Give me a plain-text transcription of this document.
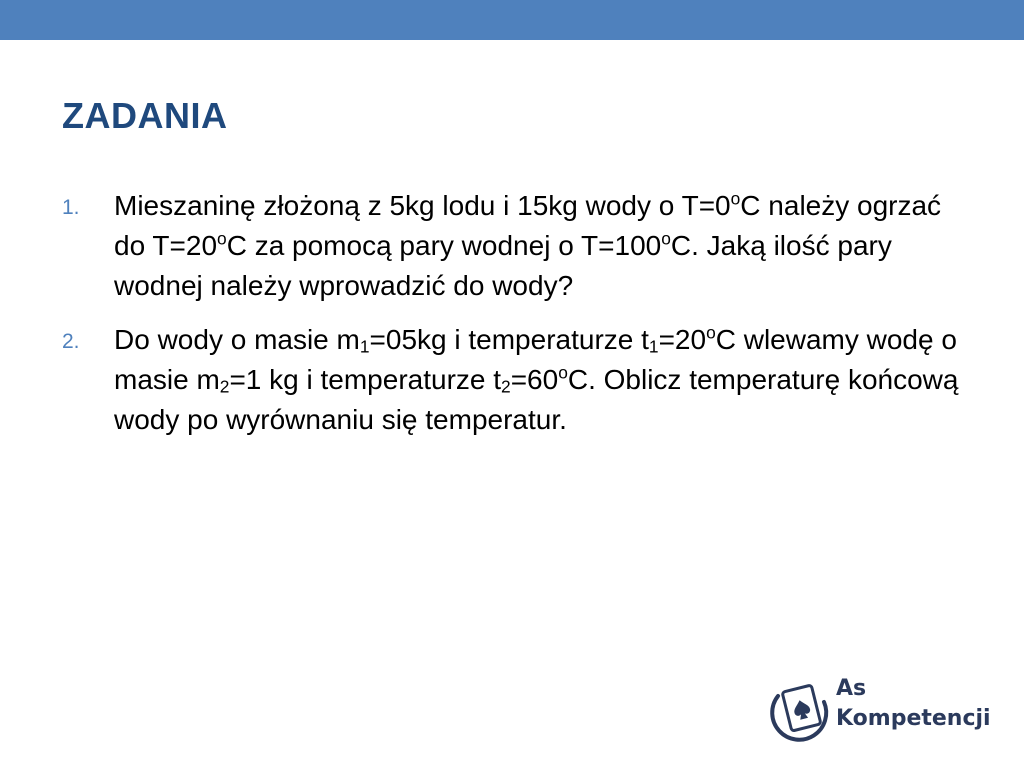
ZADANIA
1. Mieszaninę złożoną z 5kg lodu i 15kg wody o $T=0^oC$ należy ogrzać do $T=20^oC$ za pomocą pary wodnej o $T=100^oC$. Jaką ilość pary wodnej należy wprowadzić do wody?
2. Do wody o masie $m_1=05kg$ i temperaturze $t_1=20^oC$ wlewamy wodę o masie $m_2=1$ kg i temperaturze $t_2=60^oC$. Oblicz temperaturę końcową wody po wyrównaniu się temperatur.
As
Kompetencji
